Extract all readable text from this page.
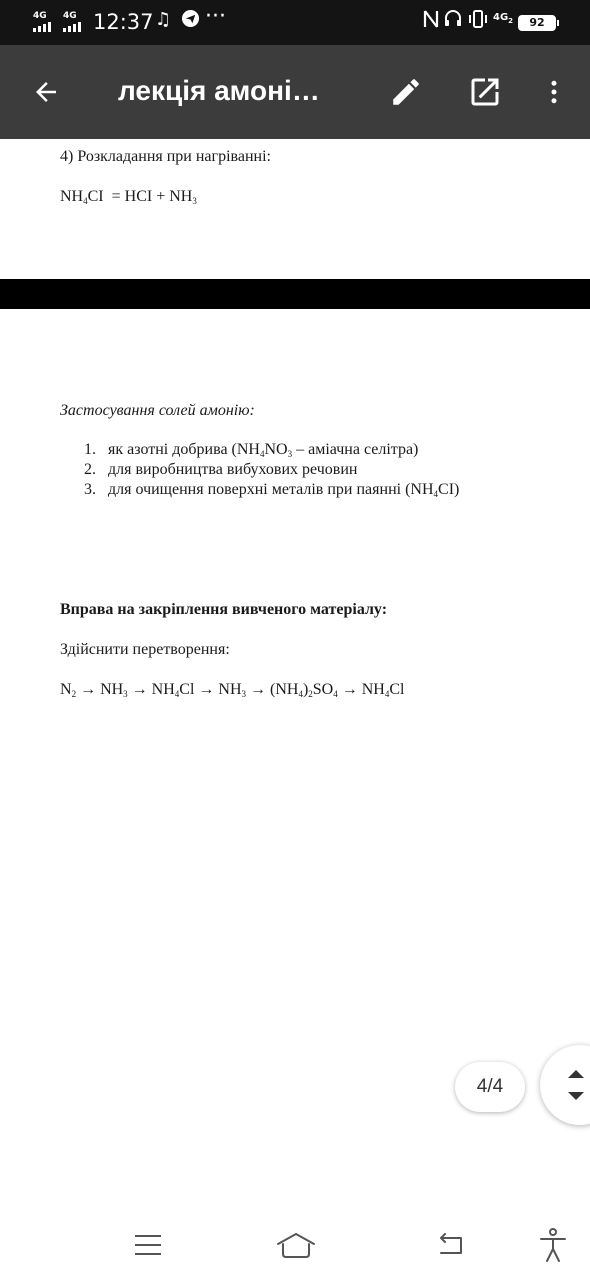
4G 4G 12:37 ♫ ···	$4G_2$	92
лекція амоні…
4) Розкладання при нагріванні:
$NH_4CI$  = HCI + $NH_3$
Застосування солей амонію:
1. як азотні добрива ($NH_4NO_3$ – аміачна селітра)
2. для виробництва вибухових речовин
3. для очищення поверхні металів при паянні $(NH_4CI)$
Вправа на закріплення вивченого матеріалу:
Здійснити перетворення:
$N_2 \to NH_3 \to NH_4Cl \to NH_3 \to (NH_4)_2SO_4 \to NH_4Cl$
4/4
